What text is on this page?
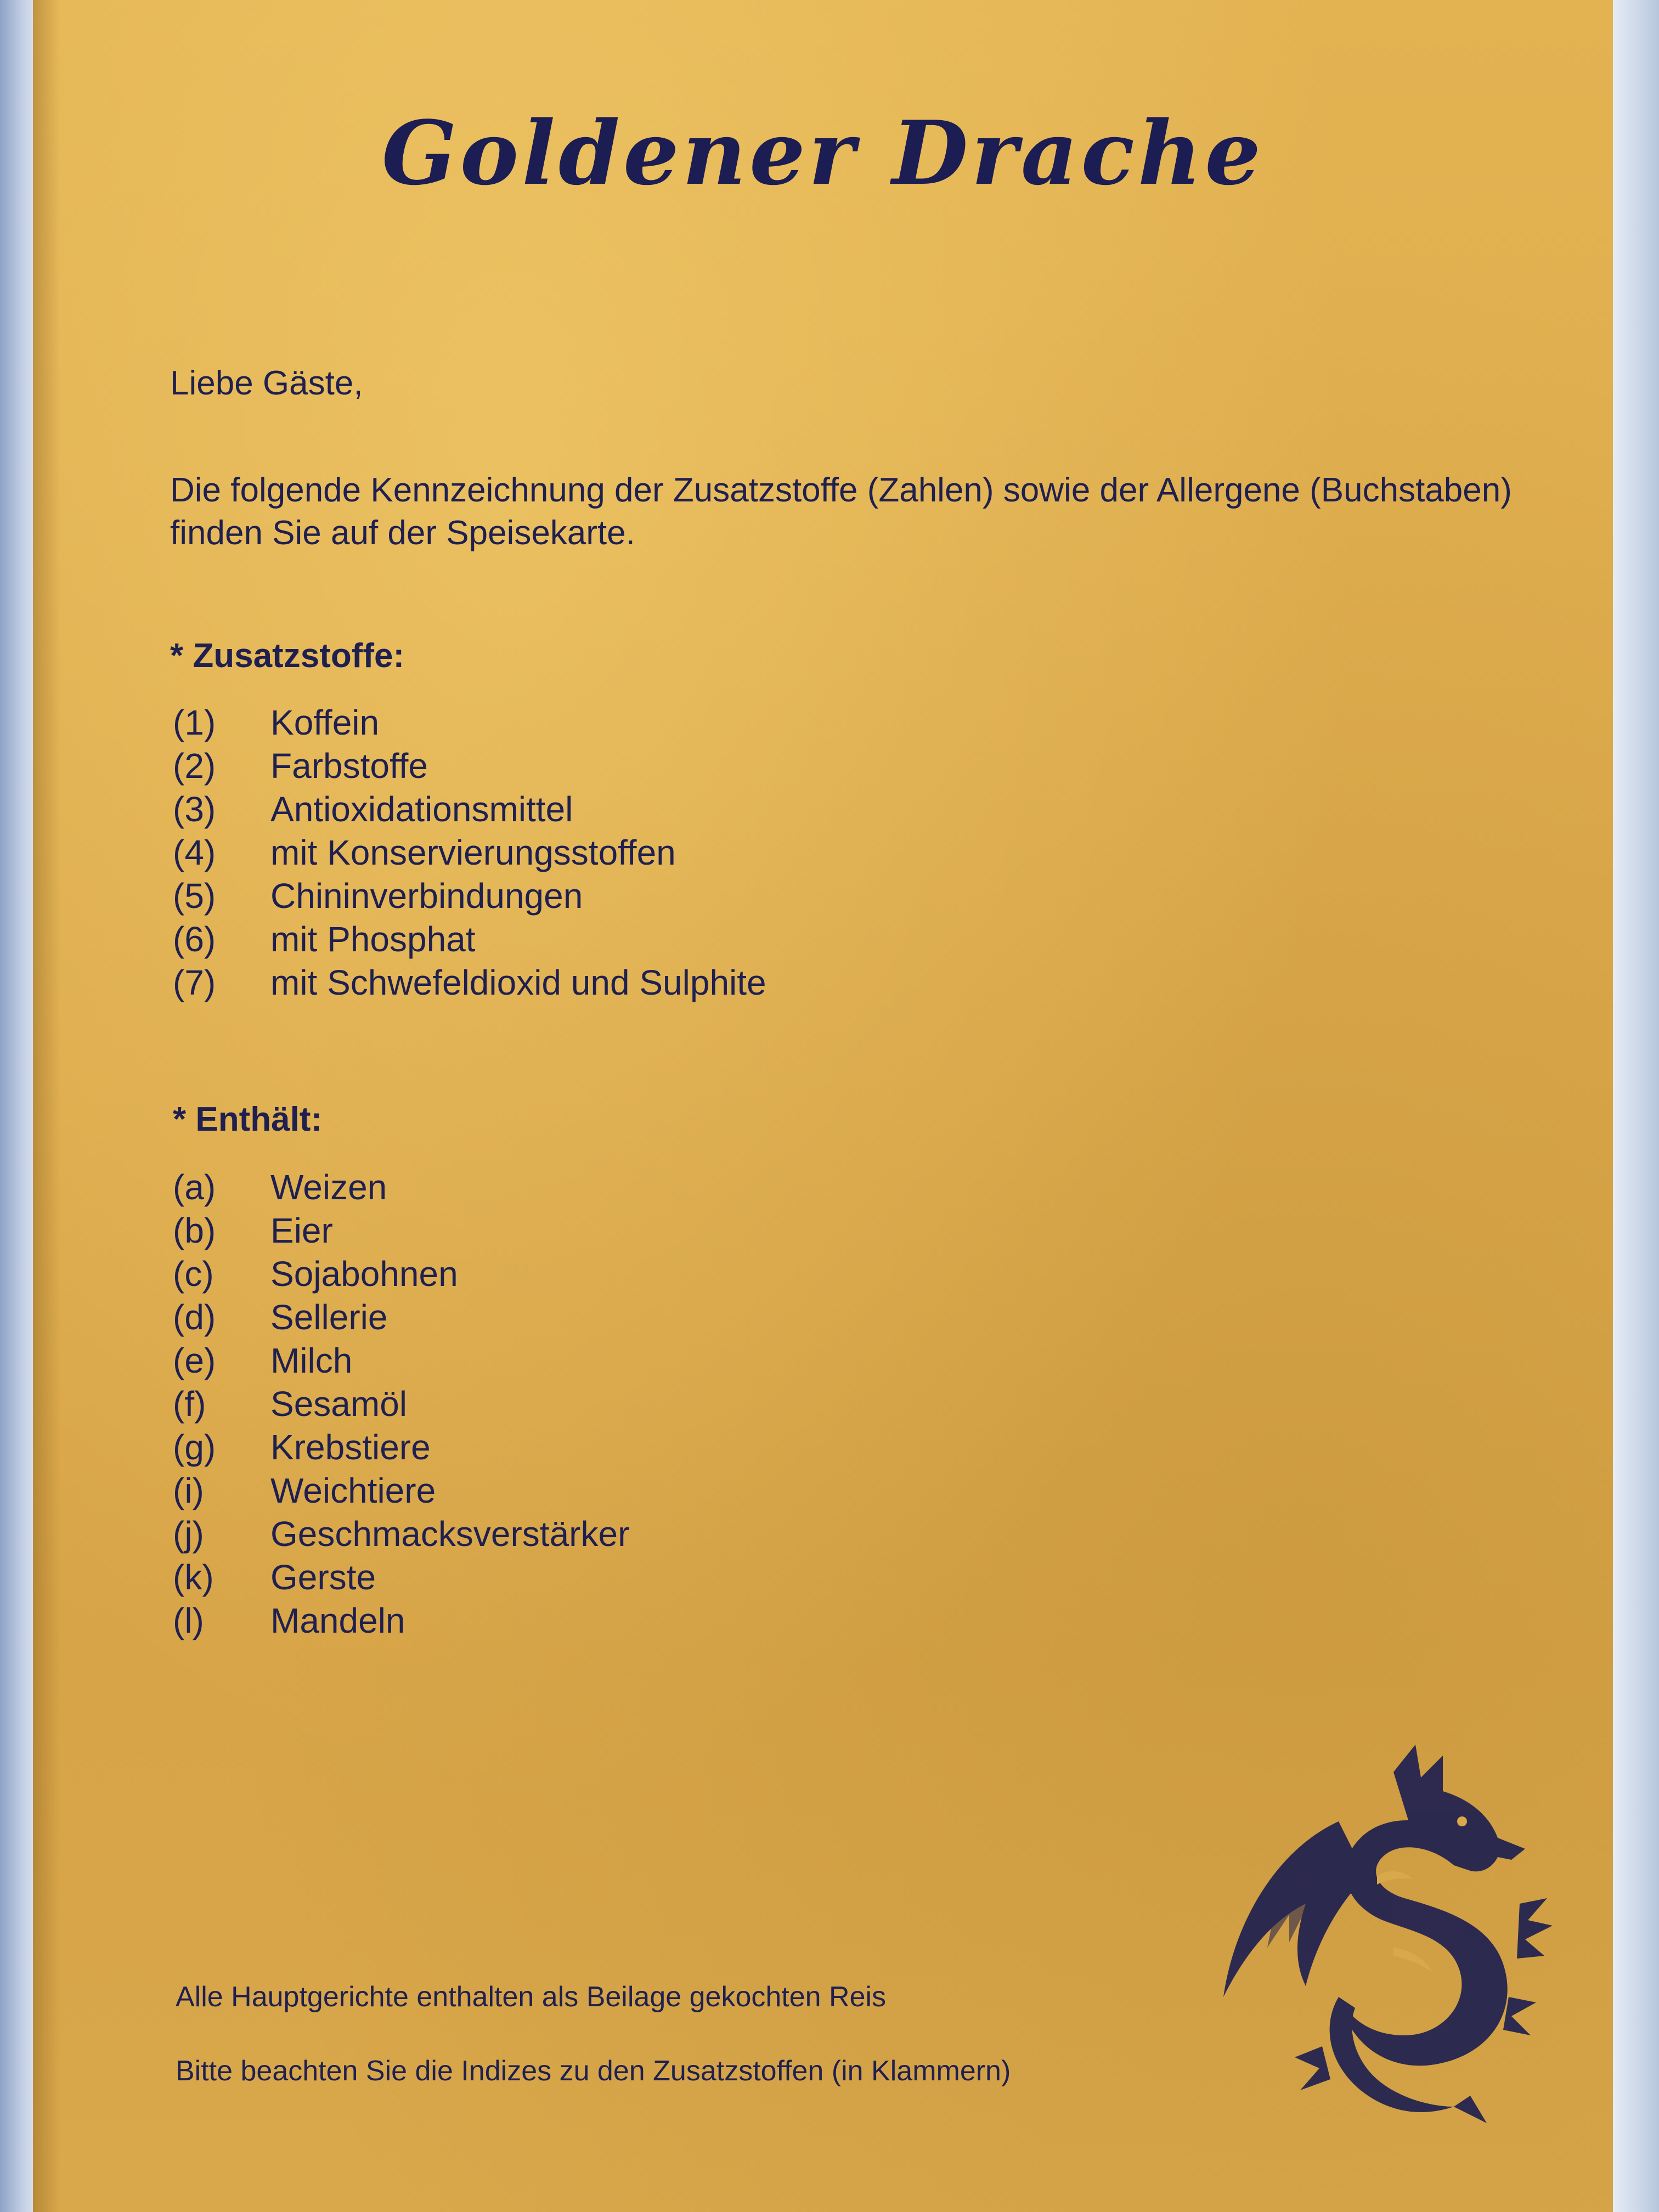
Goldener Drache

Liebe Gäste,

Die folgende Kennzeichnung der Zusatzstoffe (Zahlen) sowie der Allergene (Buchstaben) finden Sie auf der Speisekarte.

* Zusatzstoffe:
(1)	Koffein
(2)	Farbstoffe
(3)	Antioxidationsmittel
(4)	mit Konservierungsstoffen
(5)	Chininverbindungen
(6)	mit Phosphat
(7)	mit Schwefeldioxid und Sulphite
* Enthält:
(a)	Weizen
(b)	Eier
(c)	Sojabohnen
(d)	Sellerie
(e)	Milch
(f)	Sesamöl
(g)	Krebstiere
(i)	Weichtiere
(j)	Geschmacksverstärker
(k)	Gerste
(l)	Mandeln

Alle Hauptgerichte enthalten als Beilage gekochten Reis

Bitte beachten Sie die Indizes zu den Zusatzstoffen (in Klammern)
